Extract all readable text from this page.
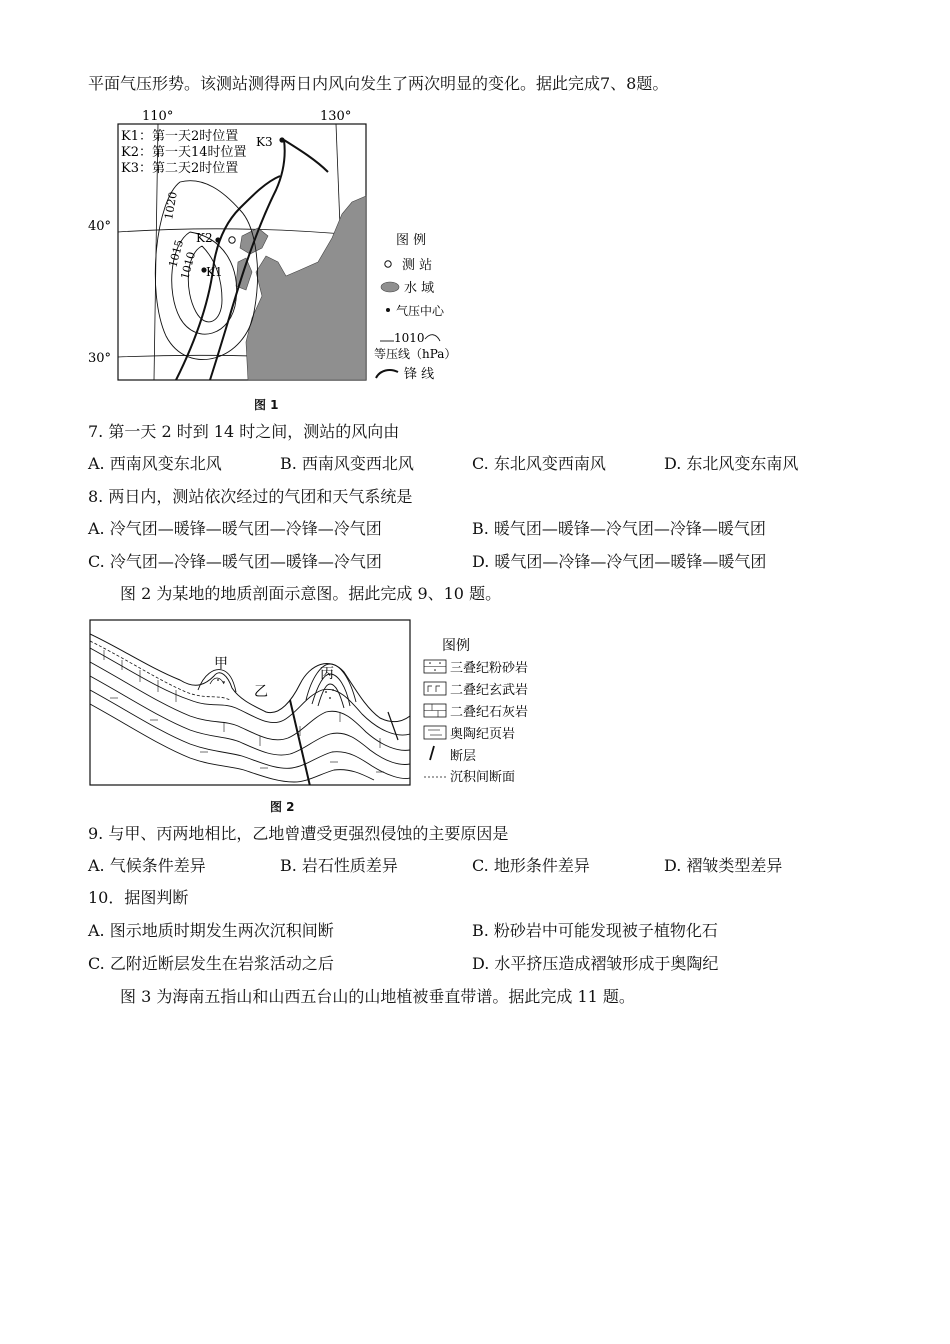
平面气压形势。该测站测得两日内风向发生了两次明显的变化。据此完成7、8题。
110°	130°
40°
30°
K1：第一天2时位置
K2：第一天14时位置
K3：第二天2时位置
1020
1015
1010 K1
K2
K3
图 例
测 站
水 域
气压中心
1010
等压线（hPa）
锋 线
图 1
7. 第一天 2 时到 14 时之间，测站的风向由
A. 西南风变东北风	B. 西南风变西北风	C. 东北风变西南风	D. 东北风变东南风
8. 两日内，测站依次经过的气团和天气系统是
A. 冷气团—暖锋—暖气团—冷锋—冷气团	B. 暖气团—暖锋—冷气团—冷锋—暖气团
C. 冷气团—冷锋—暖气团—暖锋—冷气团	D. 暖气团—冷锋—冷气团—暖锋—暖气团
图 2 为某地的地质剖面示意图。据此完成 9、10 题。
甲
乙
丙
图例
三叠纪粉砂岩
二叠纪玄武岩
二叠纪石灰岩
奥陶纪页岩
断层
沉积间断面
图 2
9. 与甲、丙两地相比，乙地曾遭受更强烈侵蚀的主要原因是
A. 气候条件差异	B. 岩石性质差异	C. 地形条件差异	D. 褶皱类型差异
10．据图判断
A. 图示地质时期发生两次沉积间断	B. 粉砂岩中可能发现被子植物化石
C. 乙附近断层发生在岩浆活动之后	D. 水平挤压造成褶皱形成于奥陶纪
图 3 为海南五指山和山西五台山的山地植被垂直带谱。据此完成 11 题。
